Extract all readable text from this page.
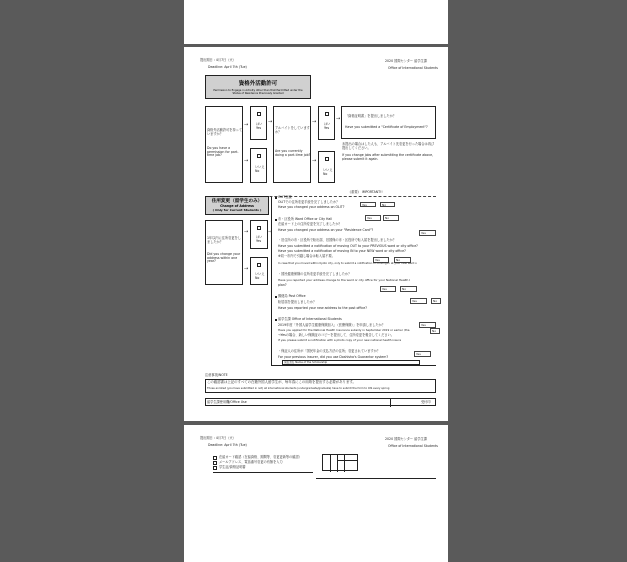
提出期日 : 4月7日（火）
Deadline: April 7th (Tue)
2020 国際センター 留学生課
Office of International Students
資格外活動許可
Permission to Engage in Activity other than that Permitted under the Status of Residence Previously Granted
資格外活動許可を持っていますか？
Do you have a permission for part-time job?
→
→
はい
Yes
いいえ
No
→
アルバイトをしていますか？
Are you currently doing a part-time job?
→
→
はい
Yes
いいえ
No
→ 「資格証明書」を提出しましたか？
Have you submitted a "Certificate of Employment"?
未提出の場合はした人も、アルバイト先変更を行った場合は再び提出してください。
If you change jobs after submitting the certificate above, please submit it again.
《重要》 IMPORTANT!!
住所変更（留学生のみ）
Change of Address
( Only for Current Students )
1年以内に住所変更をしましたか？
Did you change your address within one year?
→
→
はい
Yes
いいえ
No
→
OLIT登録
OLITでの住所変更手続を完了しましたか？
Have you changed your address on OLIT?	Yes	No
市・区役所 Ward Office or City Hall	Yes	No
在留カード上の住所変更を完了しましたか？
Have you changed your address on your "Residence Card"?
Yes
・旧住所の市・区役所で転出届、旧国保の市・区役所で転入届を提出しましたか？
Have you submitted a notification of moving OUT to your PREVIOUS ward or city office?
Have you submitted a notification of moving IN to your NEW ward or city office?
※同一市内で引越し場合は転入届不要。
Yes	No
In case that you moved within Kyoto city, only to submit a notification of moving-in at your new ward o
・国民健康保険の住所変更手続を完了しましたか？
Have you reported your address change to the ward or city office for your National Health I
plan?
Yes	No
郵便局 Post Office
Yes	No
転居届を提出しましたか？
Have you reported your new address to the post office?
留学生課 Office of International Students
2019年度「外国人留学生健康保険加入」（医療保険）」を申請しましたか？	Yes
No
Have you applied for the National Health Insurance subsidy in September 2019 or earlier (tha
→Yesの場合、新しい保険証のコピーを提出して、住所変更を報告してください。
If yes, please submit a notification with a photo copy of your new national health insura
・保証人の住所が「国民年金の支払方法の住所」変更されていますか？
Yes
For your previous insurer, did you use Doshisha's Guarantor system?
保証書名 Name of the Scholarship
注意事項/NOTE
この確認書は上記のすべての在籍外国人留学生が、毎年春にこの用紙を提出する必要があります。
Those enrolled (you have submitted in not) all international students (undergraduate/graduate) have to submit the form to OIS every spring
留学生課使用欄/Office Use	受付印
提出期日 : 4月7日（火）
Deadline: April 7th (Tue)
2020 国際センター 留学生課
Office of International Students
在留カード確認（在留資格、期間等、変更更新等の確認）
メールアドレス、電話番号変更の有無を入力
学生証/資格証明書
